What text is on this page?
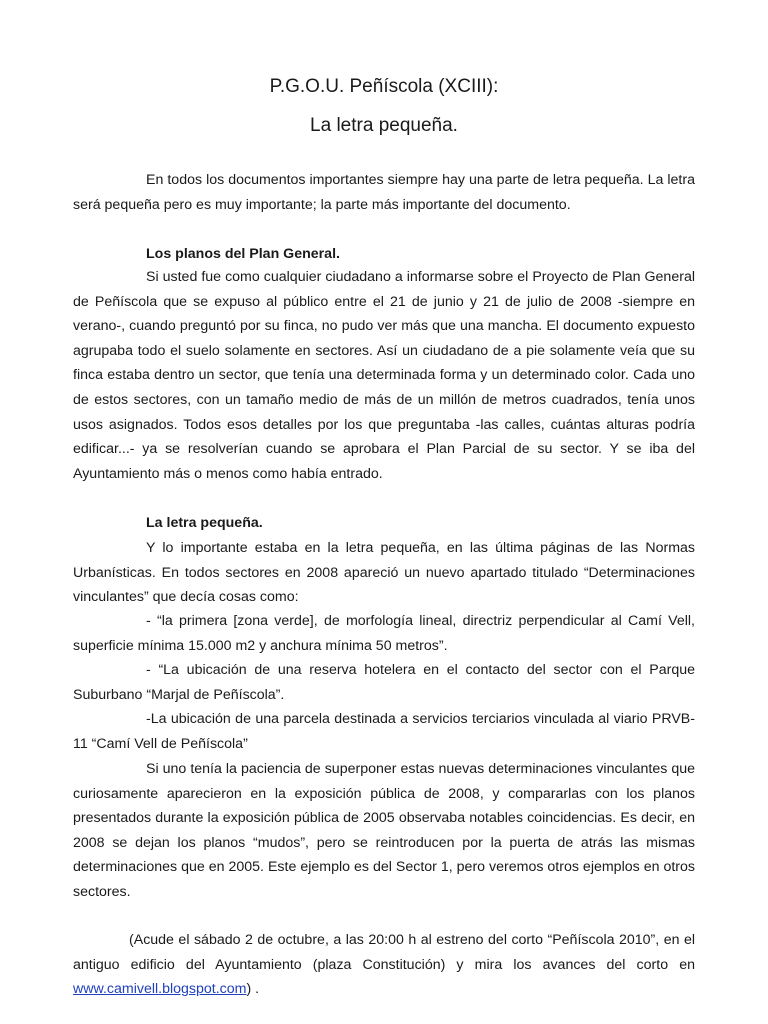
P.G.O.U. Peñíscola (XCIII):
La letra pequeña.

En todos los documentos importantes siempre hay una parte de letra pequeña. La letra será pequeña pero es muy importante; la parte más importante del documento.

Los planos del Plan General.

Si usted fue como cualquier ciudadano a informarse sobre el Proyecto de Plan General de Peñíscola que se expuso al público entre el 21 de junio y 21 de julio de 2008 -siempre en verano-, cuando preguntó por su finca, no pudo ver más que una mancha. El documento expuesto agrupaba todo el suelo solamente en sectores. Así un ciudadano de a pie solamente veía que su finca estaba dentro un sector, que tenía una determinada forma y un determinado color. Cada uno de estos sectores, con un tamaño medio de más de un millón de metros cuadrados, tenía unos usos asignados. Todos esos detalles por los que preguntaba -las calles, cuántas alturas podría edificar...- ya se resolverían cuando se aprobara el Plan Parcial de su sector. Y se iba del Ayuntamiento más o menos como había entrado.

La letra pequeña.

Y lo importante estaba en la letra pequeña, en las última páginas de las Normas Urbanísticas. En todos sectores en 2008 apareció un nuevo apartado titulado “Determinaciones vinculantes” que decía cosas como:

- “la primera [zona verde], de morfología lineal, directriz perpendicular al Camí Vell, superficie mínima 15.000 m2 y anchura mínima 50 metros”.

- “La ubicación de una reserva hotelera en el contacto del sector con el Parque Suburbano “Marjal de Peñíscola”.

-La ubicación de una parcela destinada a servicios terciarios vinculada al viario PRVB-11 “Camí Vell de Peñíscola”

Si uno tenía la paciencia de superponer estas nuevas determinaciones vinculantes que curiosamente aparecieron en la exposición pública de 2008, y compararlas con los planos presentados durante la exposición pública de 2005 observaba notables coincidencias. Es decir, en 2008 se dejan los planos “mudos”, pero se reintroducen por la puerta de atrás las mismas determinaciones que en 2005. Este ejemplo es del Sector 1, pero veremos otros ejemplos en otros sectores.

(Acude el sábado 2 de octubre, a las 20:00 h al estreno del corto “Peñíscola 2010”, en el antiguo edificio del Ayuntamiento (plaza Constitución) y mira los avances del corto en www.camivell.blogspot.com) .
